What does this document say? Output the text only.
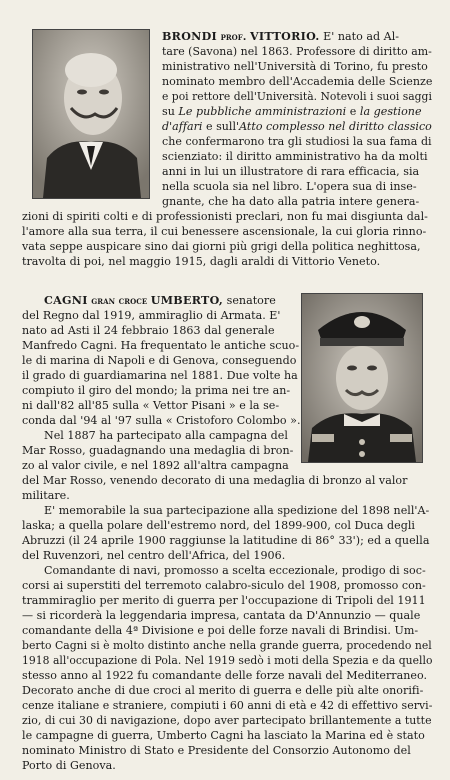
BRONDI prof. VITTORIO. E' nato ad Al-
tare (Savona) nel 1863. Professore di diritto am-
ministrativo nell'Università di Torino, fu presto
nominato membro dell'Accademia delle Scienze
e poi rettore dell'Università. Notevoli i suoi saggi
su Le pubbliche amministrazioni e la gestione
d'affari e sull'Atto complesso nel diritto classico
che confermarono tra gli studiosi la sua fama di
scienziato: il diritto amministrativo ha da molti
anni in lui un illustratore di rara efficacia, sia
nella scuola sia nel libro. L'opera sua di inse-
gnante, che ha dato alla patria intere genera-
zioni di spiriti colti e di professionisti preclari, non fu mai disgiunta dal-
l'amore alla sua terra, il cui benessere ascensionale, la cui gloria rinno-
vata seppe auspicare sino dai giorni più grigi della politica neghittosa,
travolta di poi, nel maggio 1915, dagli araldi di Vittorio Veneto.
CAGNI gran croce UMBERTO, senatore
del Regno dal 1919, ammiraglio di Armata. E'
nato ad Asti il 24 febbraio 1863 dal generale
Manfredo Cagni. Ha frequentato le antiche scuo-
le di marina di Napoli e di Genova, conseguendo
il grado di guardiamarina nel 1881. Due volte ha
compiuto il giro del mondo; la prima nei tre an-
ni dall'82 all'85 sulla « Vettor Pisani » e la se-
conda dal '94 al '97 sulla « Cristoforo Colombo ».
Nel 1887 ha partecipato alla campagna del
Mar Rosso, guadagnando una medaglia di bron-
zo al valor civile, e nel 1892 all'altra campagna
del Mar Rosso, venendo decorato di una medaglia di bronzo al valor
militare.
E' memorabile la sua partecipazione alla spedizione del 1898 nell'A-
laska; a quella polare dell'estremo nord, del 1899-900, col Duca degli
Abruzzi (il 24 aprile 1900 raggiunse la latitudine di 86° 33'); ed a quella
del Ruvenzori, nel centro dell'Africa, del 1906.
Comandante di navi, promosso a scelta eccezionale, prodigo di soc-
corsi ai superstiti del terremoto calabro-siculo del 1908, promosso con-
trammiraglio per merito di guerra per l'occupazione di Tripoli del 1911
— si ricorderà la leggendaria impresa, cantata da D'Annunzio — quale
comandante della 4ª Divisione e poi delle forze navali di Brindisi. Um-
berto Cagni si è molto distinto anche nella grande guerra, procedendo nel
1918 all'occupazione di Pola. Nel 1919 sedò i moti della Spezia e da quello
stesso anno al 1922 fu comandante delle forze navali del Mediterraneo.
Decorato anche di due croci al merito di guerra e delle più alte onorifi-
cenze italiane e straniere, compiuti i 60 anni di età e 42 di effettivo servi-
zio, di cui 30 di navigazione, dopo aver partecipato brillantemente a tutte
le campagne di guerra, Umberto Cagni ha lasciato la Marina ed è stato
nominato Ministro di Stato e Presidente del Consorzio Autonomo del
Porto di Genova.
